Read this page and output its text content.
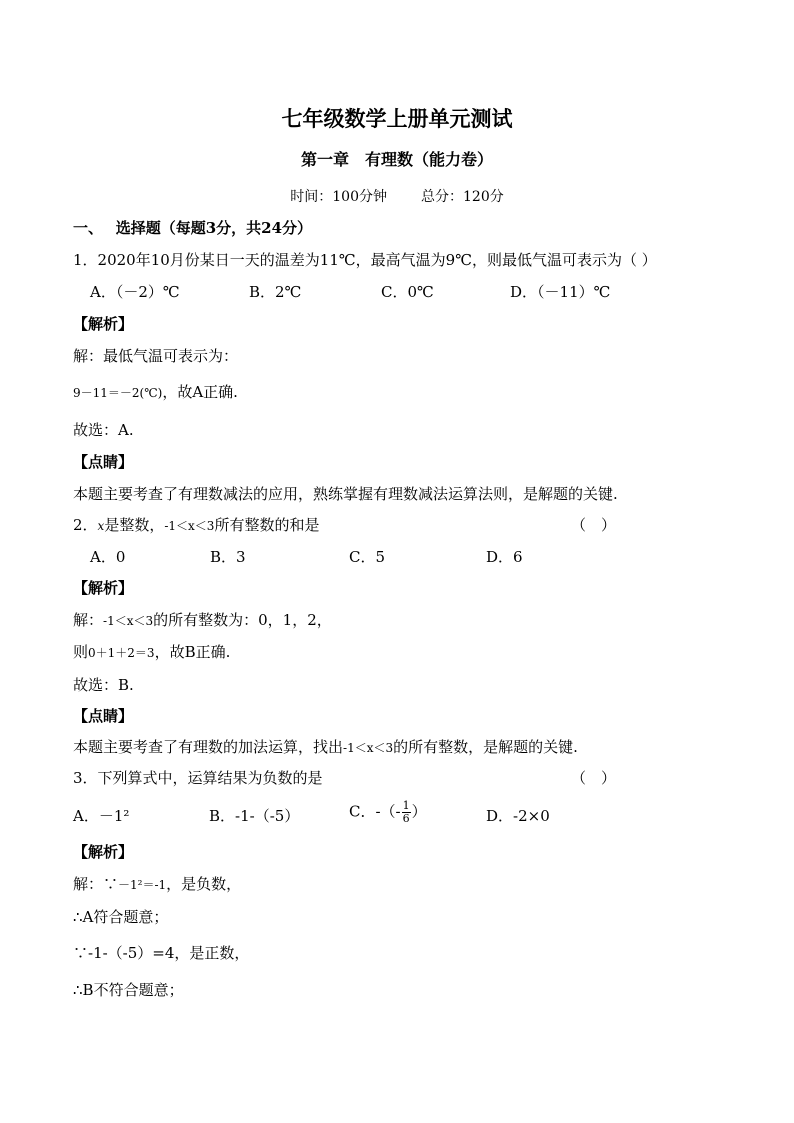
七年级数学上册单元测试
第一章　有理数（能力卷）
时间：100分钟 总分：120分
一、　 选择题（每题3分，共24分）
1．2020年10月份某日一天的温差为11℃，最高气温为9℃，则最低气温可表示为（ ）
A．（－2）℃	B．2℃	C．0℃	D．（－11）℃
【解析】
解：最低气温可表示为：
9－11＝－2(℃)，故A正确.
故选：A.
【点睛】
本题主要考查了有理数减法的应用，熟练掌握有理数减法运算法则，是解题的关键.
2．x是整数，-1＜x＜3所有整数的和是	（　）
A．0	B．3	C．5	D．6
【解析】
解：-1＜x＜3的所有整数为：0，1，2，
则0＋1＋2＝3，故B正确.
故选：B.
【点睛】
本题主要考查了有理数的加法运算，找出-1＜x＜3的所有整数，是解题的关键.
3．下列算式中，运算结果为负数的是	（　）
A．－1²	B．-1-（-5）	C．-（- $\frac{1}{6}$ ）	D．-2×0
【解析】
解：∵－1²＝-1，是负数，
∴A符合题意；
∵-1-（-5）=4，是正数，
∴B不符合题意；
